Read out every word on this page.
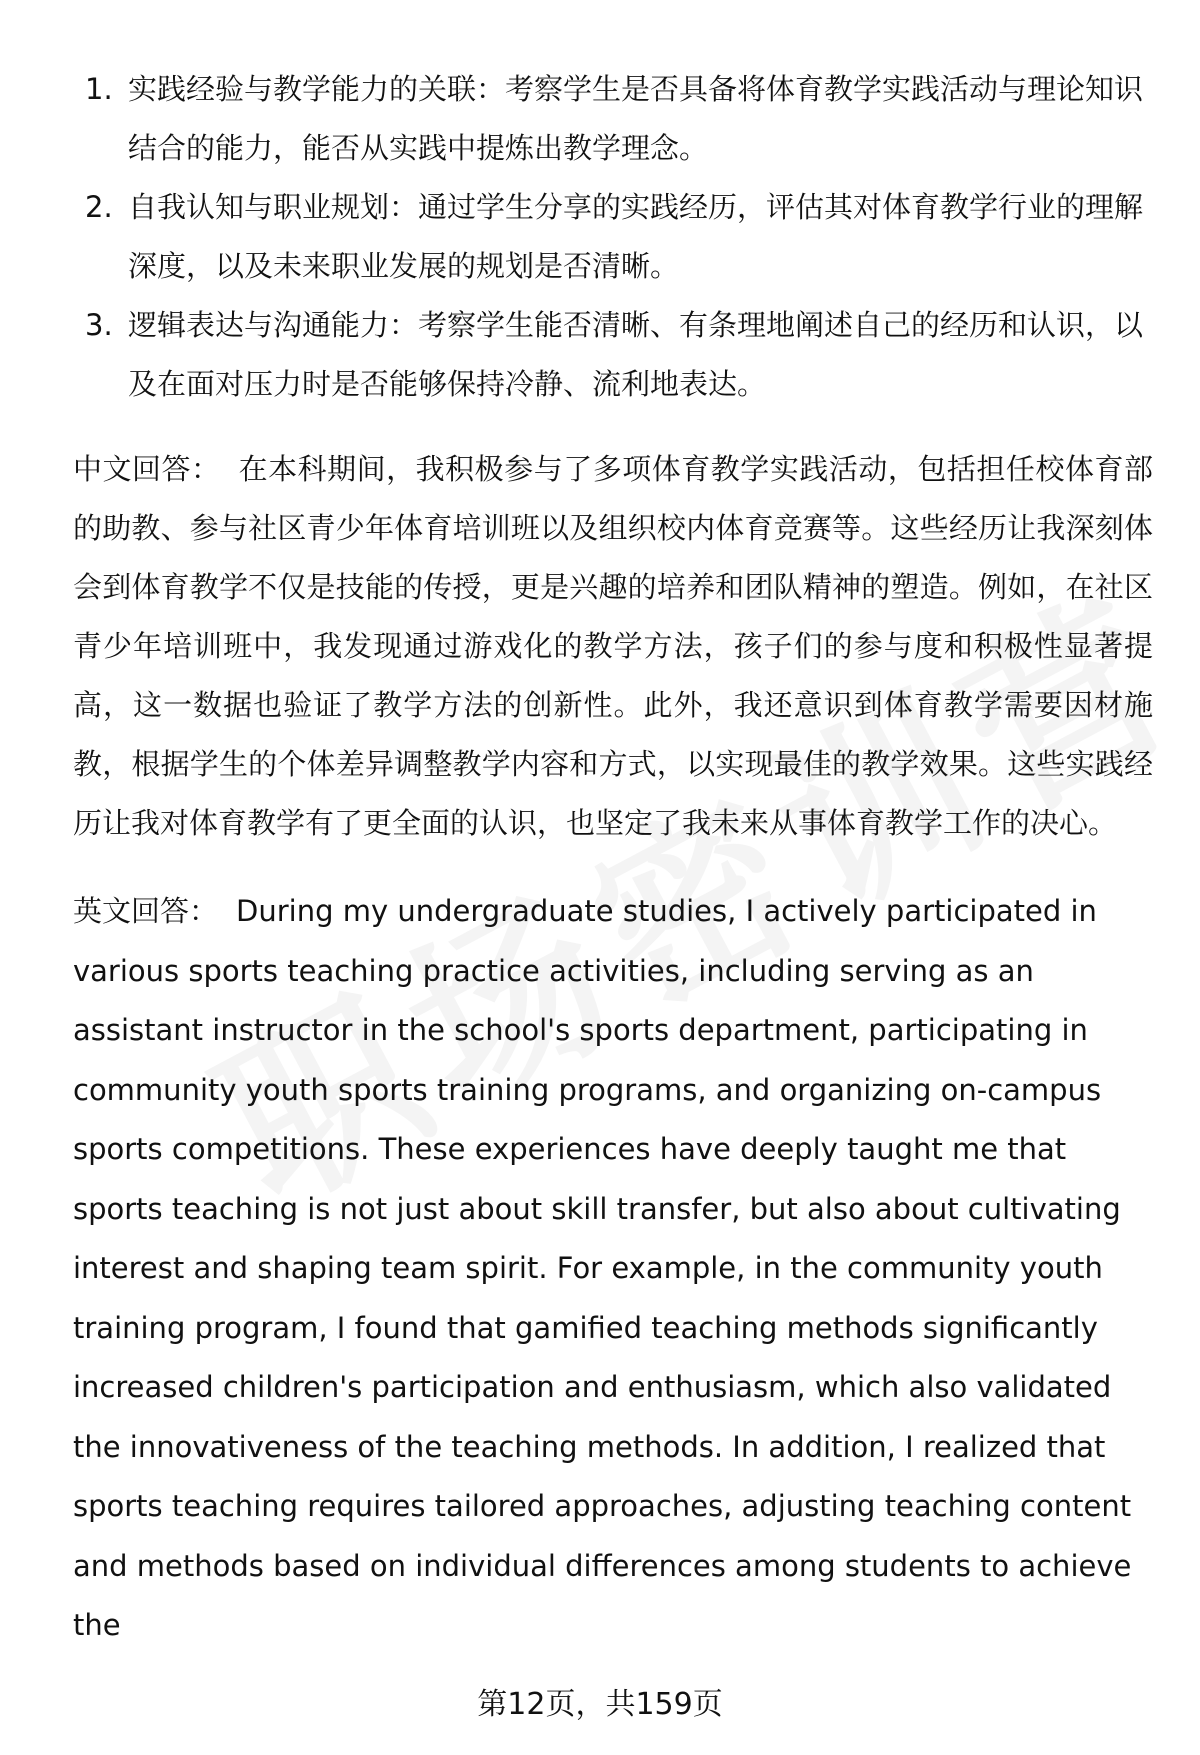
1. 实践经验与教学能力的关联：考察学生是否具备将体育教学实践活动与理论知识结合的能力，能否从实践中提炼出教学理念。
2. 自我认知与职业规划：通过学生分享的实践经历，评估其对体育教学行业的理解深度，以及未来职业发展的规划是否清晰。
3. 逻辑表达与沟通能力：考察学生能否清晰、有条理地阐述自己的经历和认识，以及在面对压力时是否能够保持冷静、流利地表达。

中文回答： 在本科期间，我积极参与了多项体育教学实践活动，包括担任校体育部的助教、参与社区青少年体育培训班以及组织校内体育竞赛等。这些经历让我深刻体会到体育教学不仅是技能的传授，更是兴趣的培养和团队精神的塑造。例如，在社区青少年培训班中，我发现通过游戏化的教学方法，孩子们的参与度和积极性显著提高，这一数据也验证了教学方法的创新性。此外，我还意识到体育教学需要因材施教，根据学生的个体差异调整教学内容和方式，以实现最佳的教学效果。这些实践经历让我对体育教学有了更全面的认识，也坚定了我未来从事体育教学工作的决心。

英文回答： During my undergraduate studies, I actively participated in various sports teaching practice activities, including serving as an assistant instructor in the school's sports department, participating in community youth sports training programs, and organizing on-campus sports competitions. These experiences have deeply taught me that sports teaching is not just about skill transfer, but also about cultivating interest and shaping team spirit. For example, in the community youth training program, I found that gamified teaching methods significantly increased children's participation and enthusiasm, which also validated the innovativeness of the teaching methods. In addition, I realized that sports teaching requires tailored approaches, adjusting teaching content and methods based on individual differences among students to achieve the

第12页，共159页
